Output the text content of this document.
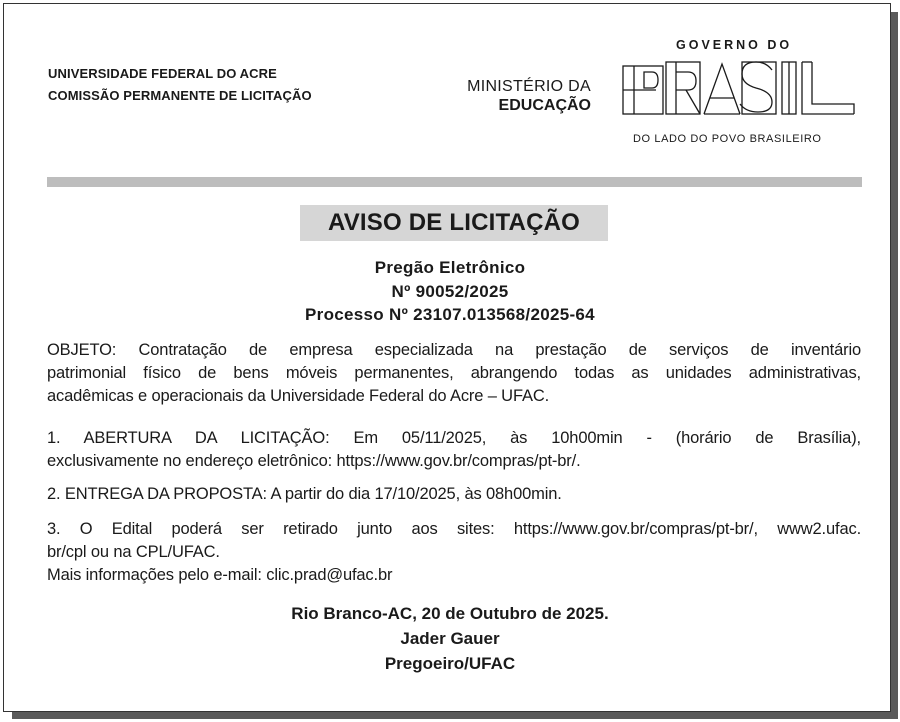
UNIVERSIDADE FEDERAL DO ACRE
COMISSÃO PERMANENTE DE LICITAÇÃO
MINISTÉRIO DA
EDUCAÇÃO
GOVERNO DO
DO LADO DO POVO BRASILEIRO
AVISO DE LICITAÇÃO
Pregão Eletrônico
Nº 90052/2025
Processo Nº 23107.013568/2025-64
OBJETO: Contratação de empresa especializada na prestação de serviços de inventário
patrimonial físico de bens móveis permanentes, abrangendo todas as unidades administrativas,
acadêmicas e operacionais da Universidade Federal do Acre – UFAC.
1. ABERTURA DA LICITAÇÃO: Em 05/11/2025, às 10h00min - (horário de Brasília),
exclusivamente no endereço eletrônico: https://www.gov.br/compras/pt-br/.
2. ENTREGA DA PROPOSTA: A partir do dia 17/10/2025, às 08h00min.
3. O Edital poderá ser retirado junto aos sites: https://www.gov.br/compras/pt-br/, www2.ufac.
br/cpl ou na CPL/UFAC.
Mais informações pelo e-mail: clic.prad@ufac.br
Rio Branco-AC, 20 de Outubro de 2025.
Jader Gauer
Pregoeiro/UFAC
